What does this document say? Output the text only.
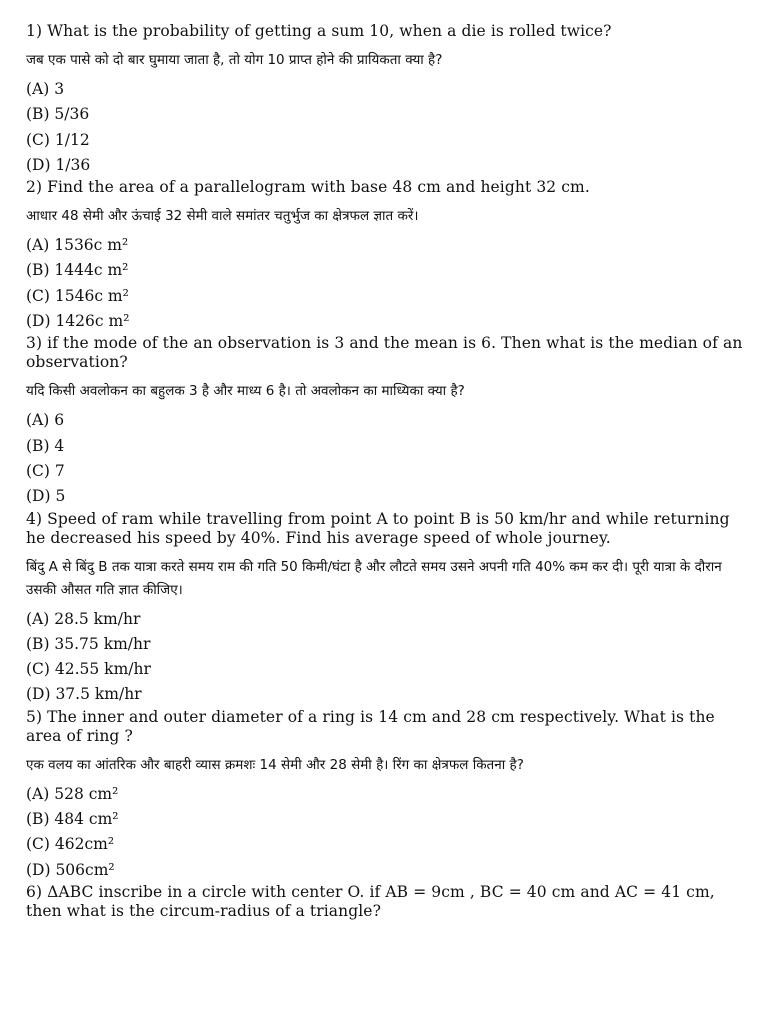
1) What is the probability of getting a sum 10, when a die is rolled twice?

जब एक पासे को दो बार घुमाया जाता है, तो योग 10 प्राप्त होने की प्रायिकता क्या है?

(A) 3
(B) 5/36
(C) 1/12
(D) 1/36

2) Find the area of a parallelogram with base 48 cm and height 32 cm.

आधार 48 सेमी और ऊंचाई 32 सेमी वाले समांतर चतुर्भुज का क्षेत्रफल ज्ञात करें।

(A) 1536c m²
(B) 1444c m²
(C) 1546c m²
(D) 1426c m²

3) if the mode of the an observation is 3 and the mean is 6. Then what is the median of an observation?

यदि किसी अवलोकन का बहुलक 3 है और माध्य 6 है। तो अवलोकन का माध्यिका क्या है?

(A) 6
(B) 4
(C) 7
(D) 5

4) Speed of ram while travelling from point A to point B is 50 km/hr and while returning he decreased his speed by 40%. Find his average speed of whole journey.

बिंदु A से बिंदु B तक यात्रा करते समय राम की गति 50 किमी/घंटा है और लौटते समय उसने अपनी गति 40% कम कर दी। पूरी यात्रा के दौरान उसकी औसत गति ज्ञात कीजिए।

(A) 28.5 km/hr
(B) 35.75 km/hr
(C) 42.55 km/hr
(D) 37.5 km/hr

5) The inner and outer diameter of a ring is 14 cm and 28 cm respectively. What is the area of ring ?

एक वलय का आंतरिक और बाहरी व्यास क्रमशः 14 सेमी और 28 सेमी है। रिंग का क्षेत्रफल कितना है?

(A) 528 cm²
(B) 484 cm²
(C) 462cm²
(D) 506cm²

6) ΔABC inscribe in a circle with center O. if AB = 9cm , BC = 40 cm and AC = 41 cm, then what is the circum-radius of a triangle?
